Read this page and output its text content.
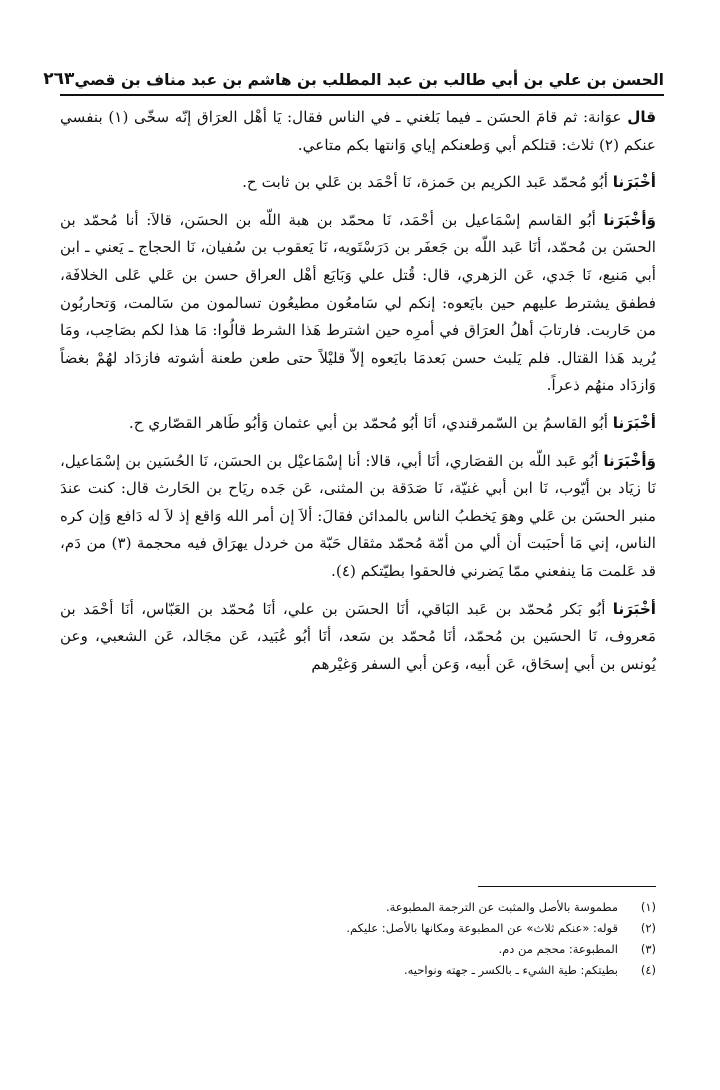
الحسن بن علي بن أبي طالب بن عبد المطلب بن هاشم بن عبد مناف بن قصي
٢٦٣

قال عوَانة: ثم قامَ الحسَن ـ فيما بَلغني ـ في الناس فقال: يَا أهْل العرَاق إنّه سخّى (١) بنفسي عنكم (٢) ثلاث: قتلكم أبي وَطعنكم إياي وَانتها بكم متاعي.

أخْبَرَنا أبُو مُحمّد عَبد الكريم بن حَمزة، نَا أحْمَد بن عَلي بن ثابت ح.

وَأخْبَرَنا أبُو القاسم إسْمَاعيل بن أحْمَد، نَا محمّد بن هبة اللّه بن الحسَن، قالاَ: أنا مُحمّد بن الحسَن بن مُحمّد، أنَا عَبد اللّه بن جَعفَر بن دَرَسْتَويه، نَا يَعقوب بن سُفيان، نَا الحجاج ـ يَعني ـ ابن أبي مَنيع، نَا جَدي، عَن الزهري، قال: قُتل علي وَبَايَع أهْل العراق حسن بن عَلي عَلى الخلافَة، فطفق يشترط عليهم حين بايَعوه: إنكم لي سَامعُون مطيعُون تسالمون من سَالمت، وَتحاربُون من حَاربت. فارتابَ أهلُ العرَاق في أمرِه حين اشترط هَذا الشرط قالُوا: مَا هذا لكم بصَاحِب، ومَا يُريد هَذا القتال. فلم يَلبث حسن بَعدمَا بايَعوه إلاّ قليْلاً حتى طعن طعنة أشوته فازدَاد لهُمْ بغضاً وَازدَاد منهُم ذعراً.

أخْبَرَنا أبُو القاسمُ بن السّمرقندي، أنَا أبُو مُحمّد بن أبي عثمان وَأبُو طَاهر القصّاري ح.

وَأخْبَرَنا أبُو عَبد اللّه بن القصَاري، أنَا أبي، قالا: أنا إسْمَاعيْل بن الحسَن، نَا الحُسَين بن إسْمَاعيل، نَا زيَاد بن أيّوب، نَا ابن أبي غنيّة، نَا صَدَقة بن المثنى، عَن جَده ريَاح بن الحَارث قال: كنت عندَ منبر الحسَن بن عَلي وهوَ يَخطبُ الناس بالمدائن فقالَ: ألاَ إن أمر الله وَاقع إذ لاَ له دَافع وَإن كره الناس، إني مَا أحبَبت أن ألي من أمّة مُحمّد مثقال حَبّة من خردل يهرَاق فيه محجمة (٣) من دَم، قد عَلمت مَا ينفعني ممّا يَضرني فالحقوا بطيّتكم (٤).

أخْبَرَنا أبُو بَكر مُحمّد بن عَبد البَاقي، أنَا الحسَن بن علي، أنَا مُحمّد بن العَبّاس، أنَا أحْمَد بن مَعروف، نَا الحسَين بن مُحمّد، أنَا مُحمّد بن سَعد، أنَا أبُو عُبَيد، عَن مجَالد، عَن الشعبي، وعن يُونس بن أبي إسحَاق، عَن أبيه، وَعن أبي السفر وَغيْرهم

(١)
مطموسة بالأصل والمثبت عن الترجمة المطبوعة.
(٢)
قوله: «عنكم ثلاث» عن المطبوعة ومكانها بالأصل: عليكم.
(٣)
المطبوعة: محجم من دم.
(٤)
بطيتكم: طية الشيء ـ بالكسر ـ جهته ونواحيه.
